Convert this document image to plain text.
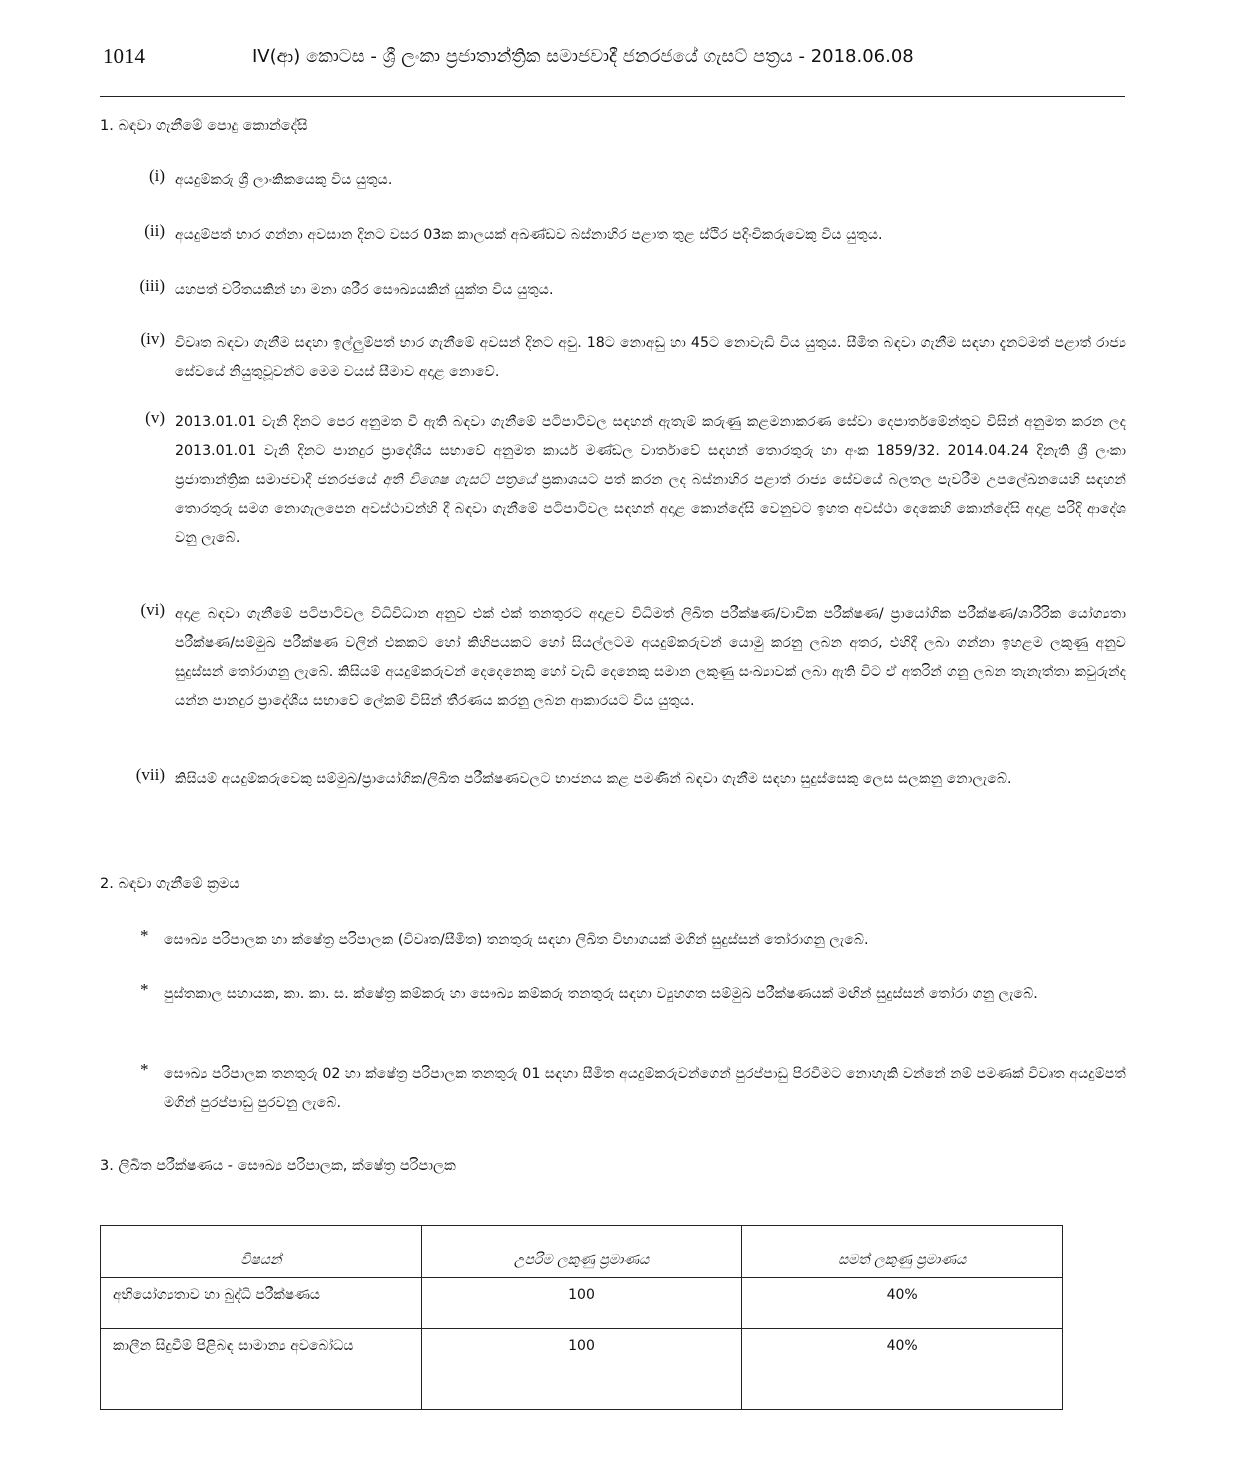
1014	IV(ආ) කොටස - ශ්‍රී ලංකා ප්‍රජාතාන්ත්‍රික සමාජවාදී ජනරජයේ ගැසට් පත්‍රය - 2018.06.08
1. බඳවා ගැනීමේ පොදු කොන්දේසි
(i) අයදුම්කරු ශ්‍රී ලාංකිකයෙකු විය යුතුය.
(ii) අයදුම්පත් භාර ගන්නා අවසාන දිනට වසර 03ක කාලයක් අඛණ්ඩව බස්නාහිර පළාත තුළ ස්ථිර පදිංචිකරුවෙකු විය යුතුය.
(iii) යහපත් චරිතයකින් හා මනා ශරීර සෞඛ්‍යයකින් යුක්ත විය යුතුය.
(iv) විවෘත බඳවා ගැනීම සඳහා ඉල්ලුම්පත් භාර ගැනීමේ අවසන් දිනට අවු. 18ට නොඅඩු හා 45ට නොවැඩි විය යුතුය. සීමිත බඳවා ගැනීම සඳහා දැනටමත් පළාත් රාජ්‍ය සේවයේ නියුතුවූවන්ට මෙම වයස් සීමාව අදාළ නොවේ.
(v) 2013.01.01 වැනි දිනට පෙර අනුමත වී ඇති බඳවා ගැනීමේ පටිපාටිවල සඳහන් ඇතැම් කරුණු කළමනාකරණ සේවා දෙපාර්තමේන්තුව විසින් අනුමත කරන ලද 2013.01.01 වැනි දිනට පානදුර ප්‍රාදේශීය සභාවේ අනුමත කාර්ය මණ්ඩල වාර්තාවේ සඳහන් තොරතුරු හා අංක 1859/32. 2014.04.24 දිනැති ශ්‍රී ලංකා ප්‍රජාතාන්ත්‍රික සමාජවාදී ජනරජයේ අති විශෙෂ ගැසට් පත්‍රයේ ප්‍රකාශයට පත් කරන ලද බස්නාහිර පළාත් රාජ්‍ය සේවයේ බලතල පැවරීම උපලේඛනයෙහි සඳහන් තොරතුරු සමග නොගැලපෙන අවස්ථාවන්හි දී බඳවා ගැනීමේ පටිපාටිවල සඳහන් අදාළ කොන්දේසි වෙනුවට ඉහත අවස්ථා දෙකෙහි කොන්දේසි අදාළ පරිදි ආදේශ වනු ලැබේ.
(vi) අදාළ බඳවා ගැනීමේ පටිපාටිවල විධිවිධාන අනුව එක් එක් තනතුරට අදාළව විධිමත් ලිඛිත පරීක්ෂණ/වාචික පරීක්ෂණ/ ප්‍රායෝගික පරීක්ෂණ/ශාරීරික යෝග්‍යතා පරීක්ෂණ/සම්මුඛ පරීක්ෂණ වලින් එකකට හෝ කිහිපයකට හෝ සියල්ලටම අයදුම්කරුවන් යොමු කරනු ලබන අතර, එහිදී ලබා ගන්නා ඉහළම ලකුණු අනුව සුදුස්සන් තෝරාගනු ලැබේ. කිසියම් අයදුම්කරුවන් දෙදෙනෙකු හෝ වැඩි දෙනෙකු සමාන ලකුණු සංඛ්‍යාවක් ලබා ඇති විට ඒ අතරින් ගනු ලබන තැනැත්තා කවුරුන්ද යන්න පානදුර ප්‍රාදේශීය සභාවේ ලේකම් විසින් තීරණය කරනු ලබන ආකාරයට විය යුතුය.
(vii) කිසියම් අයදුම්කරුවෙකු සම්මුඛ/ප්‍රායෝගික/ලිඛිත පරීක්ෂණවලට භාජනය කළ පමණින් බඳවා ගැනීම සඳහා සුදුස්සෙකු ලෙස සලකනු නොලැබේ.
2. බඳවා ගැනීමේ ක්‍රමය
* සෞඛ්‍ය පරිපාලක හා ක්ෂේත්‍ර පරිපාලක (විවෘත/සීමිත) තනතුරු සඳහා ලිඛිත විභාගයක් මගින් සුදුස්සන් තෝරාගනු ලැබේ.
* පුස්තකාල සහායක, කා. කා. ස. ක්ෂේත්‍ර කම්කරු හා සෞඛ්‍ය කම්කරු තනතුරු සඳහා ව්‍යුහගත සම්මුඛ පරීක්ෂණයක් මඟින් සුදුස්සන් තෝරා ගනු ලැබේ.
* සෞඛ්‍ය පරිපාලක තනතුරු 02 හා ක්ෂේත්‍ර පරිපාලක තනතුරු 01 සඳහා සීමිත අයදුම්කරුවන්ගෙන් පුරප්පාඩු පිරවීමට නොහැකි වන්නේ නම් පමණක් විවෘත අයදුම්පත් මගින් පුරප්පාඩු පුරවනු ලැබේ.
3. ලිඛිත පරීක්ෂණය - සෞඛ්‍ය පරිපාලක, ක්ෂේත්‍ර පරිපාලක
විෂයන්	උපරිම ලකුණු ප්‍රමාණය	සමත් ලකුණු ප්‍රමාණය
අභියෝග්‍යතාව හා බුද්ධි පරීක්ෂණය	100	40%
කාලීන සිදුවීම් පිළිබඳ සාමාන්‍ය අවබෝධය	100	40%
